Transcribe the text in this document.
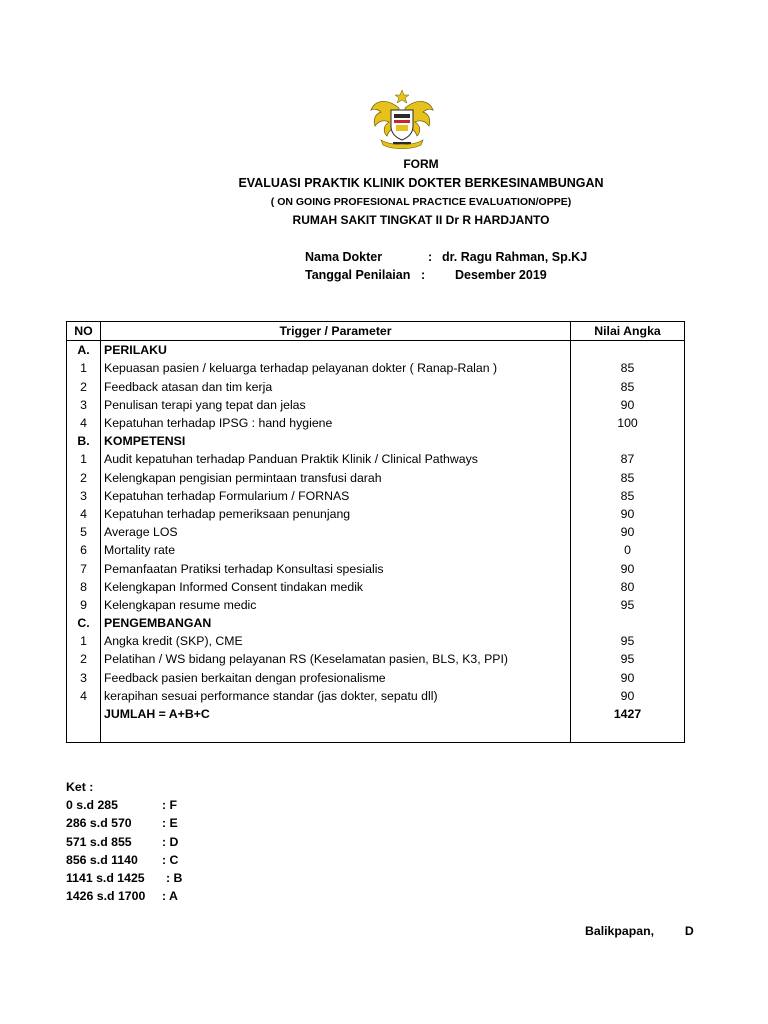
FORM
EVALUASI PRAKTIK KLINIK DOKTER BERKESINAMBUNGAN
( ON GOING PROFESIONAL PRACTICE EVALUATION/OPPE)
RUMAH SAKIT TINGKAT II Dr R HARDJANTO
Nama Dokter	: dr. Ragu Rahman, Sp.KJ
Tanggal Penilaian : Desember 2019
NO	Trigger / Parameter	Nilai Angka
A.	PERILAKU	
1	Kepuasan pasien / keluarga terhadap pelayanan dokter ( Ranap-Ralan )	85
2	Feedback atasan dan tim kerja	85
3	Penulisan terapi yang tepat dan jelas	90
4	Kepatuhan terhadap IPSG : hand hygiene	100
B.	KOMPETENSI	
1	Audit kepatuhan terhadap Panduan Praktik Klinik / Clinical Pathways	87
2	Kelengkapan pengisian permintaan transfusi darah	85
3	Kepatuhan terhadap Formularium / FORNAS	85
4	Kepatuhan terhadap pemeriksaan penunjang	90
5	Average LOS	90
6	Mortality rate	0
7	Pemanfaatan Pratiksi terhadap Konsultasi spesialis	90
8	Kelengkapan Informed Consent tindakan medik	80
9	Kelengkapan resume medic	95
C.	PENGEMBANGAN	
1	Angka kredit (SKP), CME	95
2	Pelatihan / WS bidang pelayanan RS (Keselamatan pasien, BLS, K3, PPI)	95
3	Feedback pasien berkaitan dengan profesionalisme	90
4	kerapihan sesuai performance standar (jas dokter, sepatu dll)	90
	JUMLAH = A+B+C	1427

Ket :
0 s.d 285	: F
286 s.d 570 : E
571 s.d 855 : D
856 s.d 1140 : C
1141 s.d 1425 : B
1426 s.d 1700 : A
Balikpapan,	D
